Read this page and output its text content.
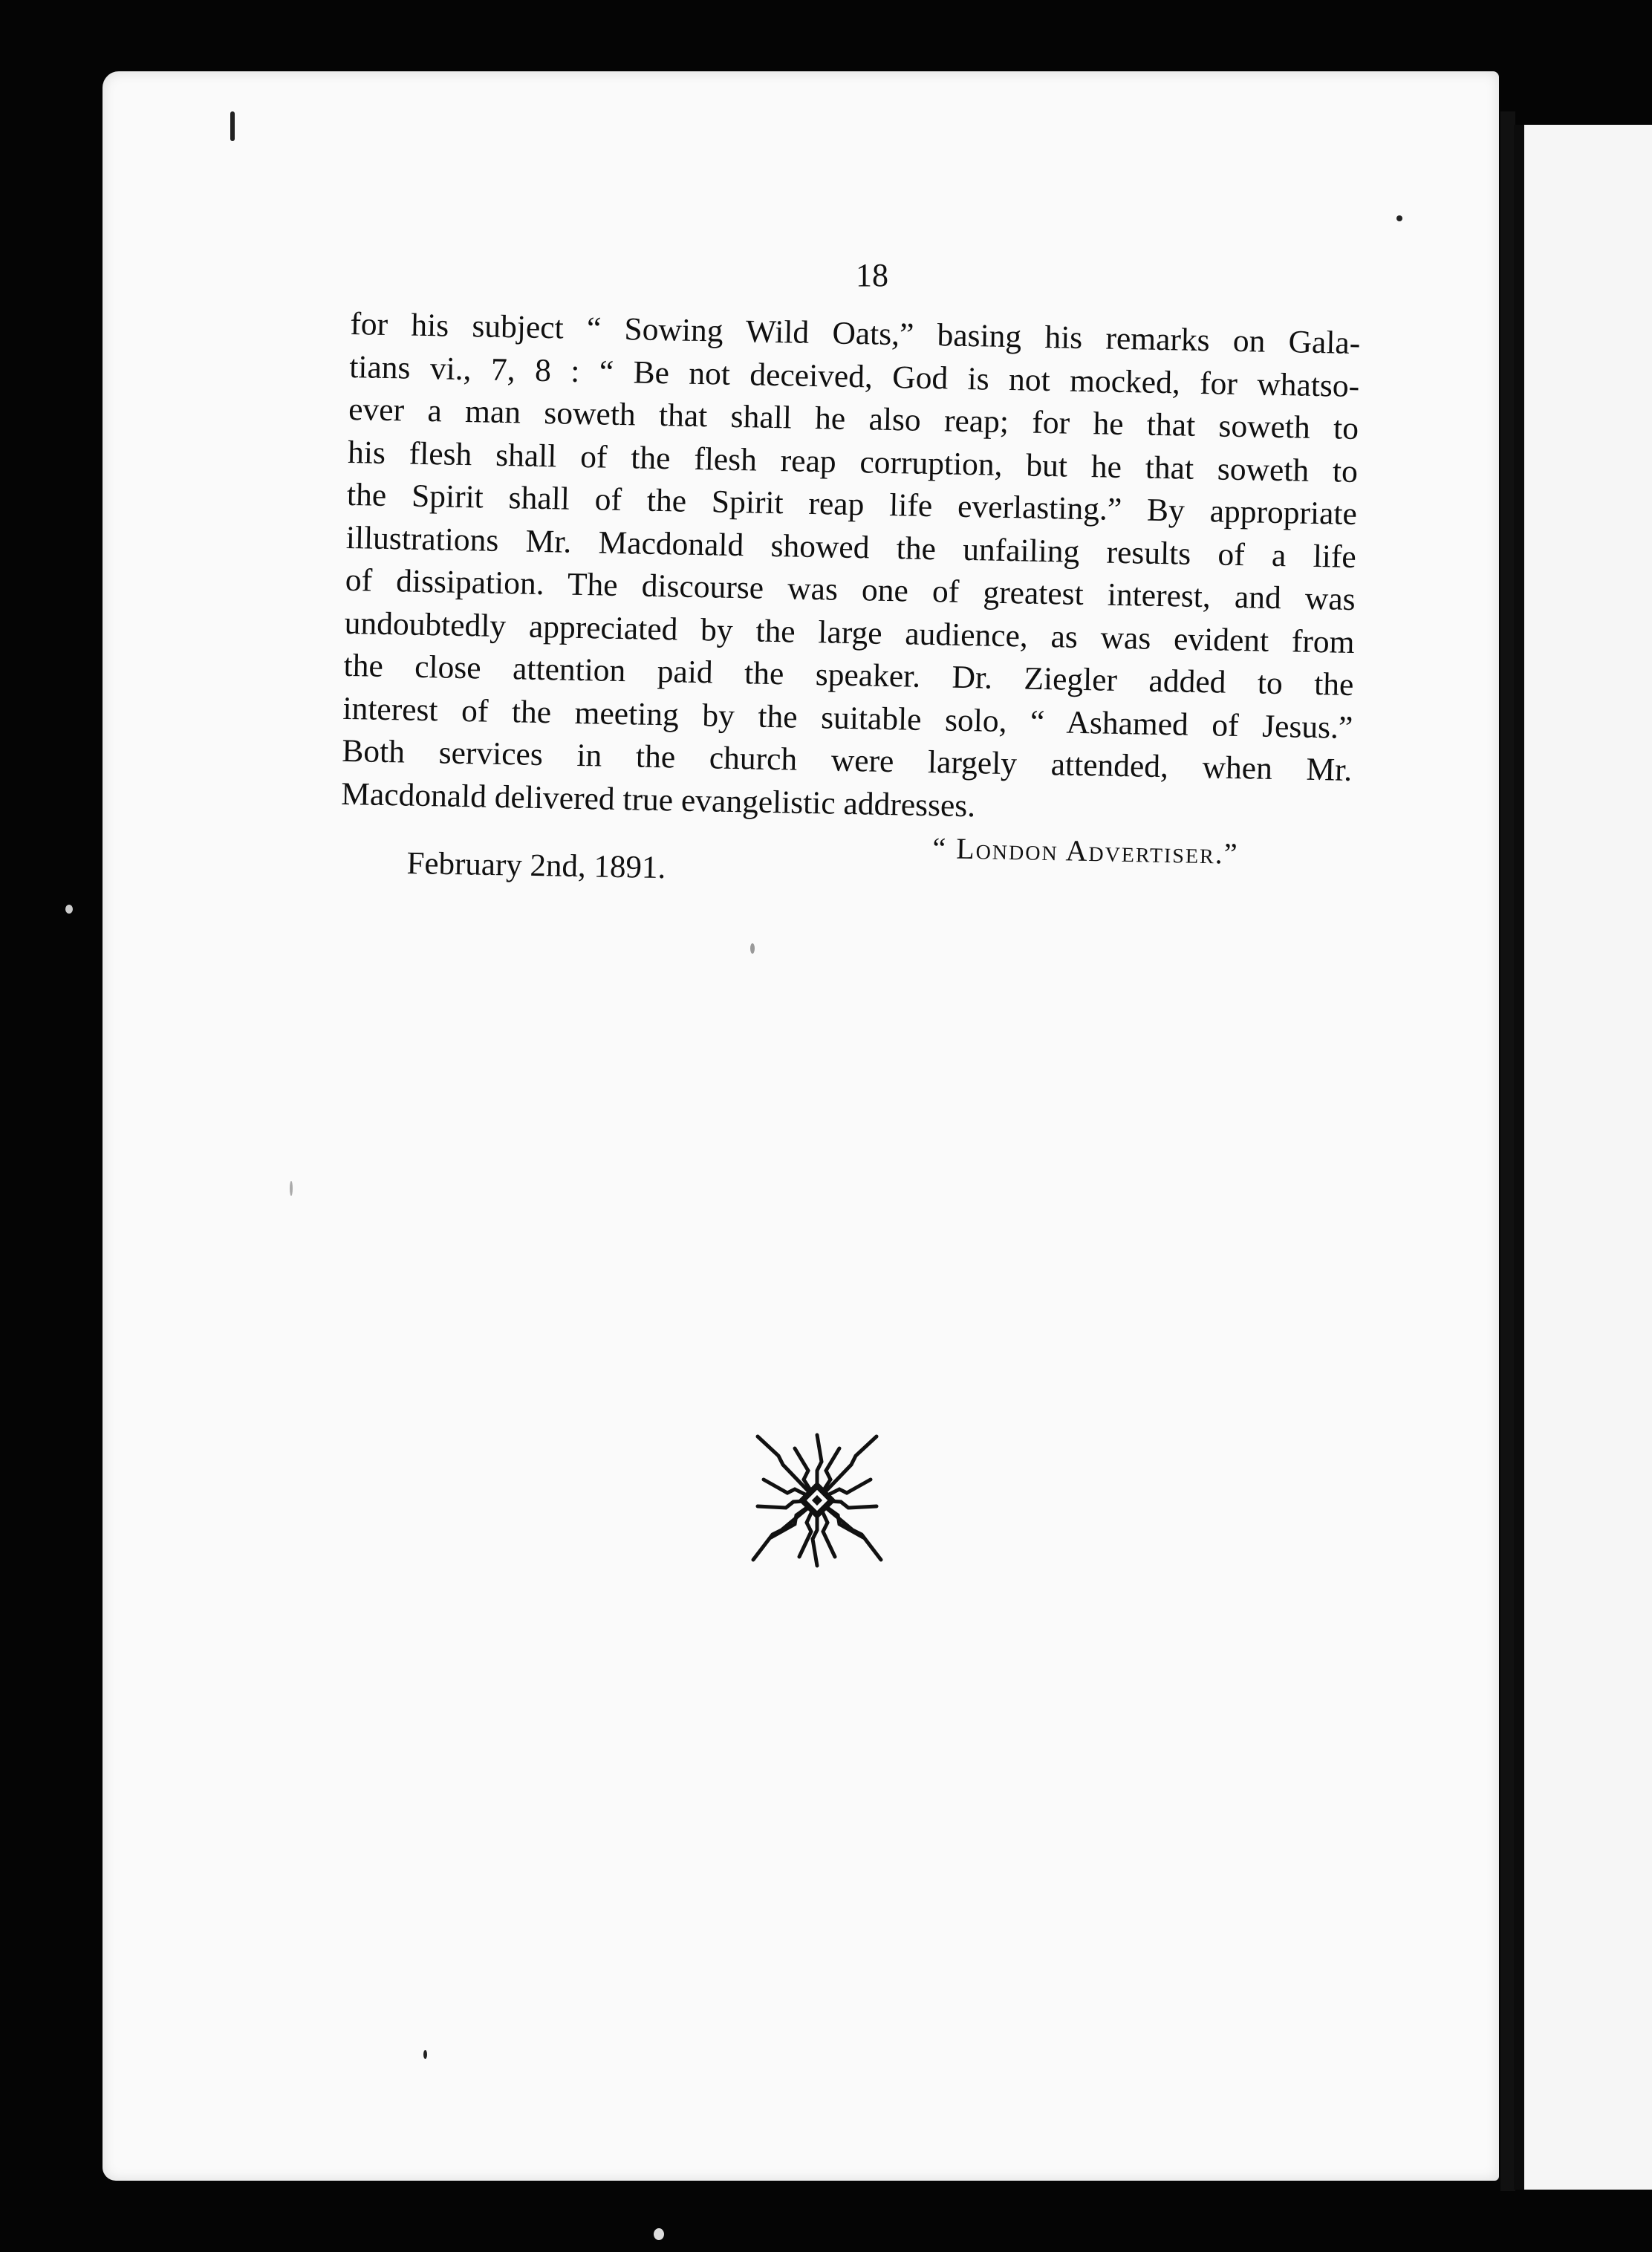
18
for his subject “ Sowing Wild Oats,” basing his remarks on Gala-
tians vi., 7, 8 : “ Be not deceived, God is not mocked, for whatso-
ever a man soweth that shall he also reap; for he that soweth to
his flesh shall of the flesh reap corruption, but he that soweth to
the Spirit shall of the Spirit reap life everlasting.” By appropriate
illustrations Mr. Macdonald showed the unfailing results of a life
of dissipation. The discourse was one of greatest interest, and was
undoubtedly appreciated by the large audience, as was evident from
the close attention paid the speaker. Dr. Ziegler added to the
interest of the meeting by the suitable solo, “ Ashamed of Jesus.”
Both services in the church were largely attended, when Mr.
Macdonald delivered true evangelistic addresses.
“ London Advertiser.”
February 2nd, 1891.
